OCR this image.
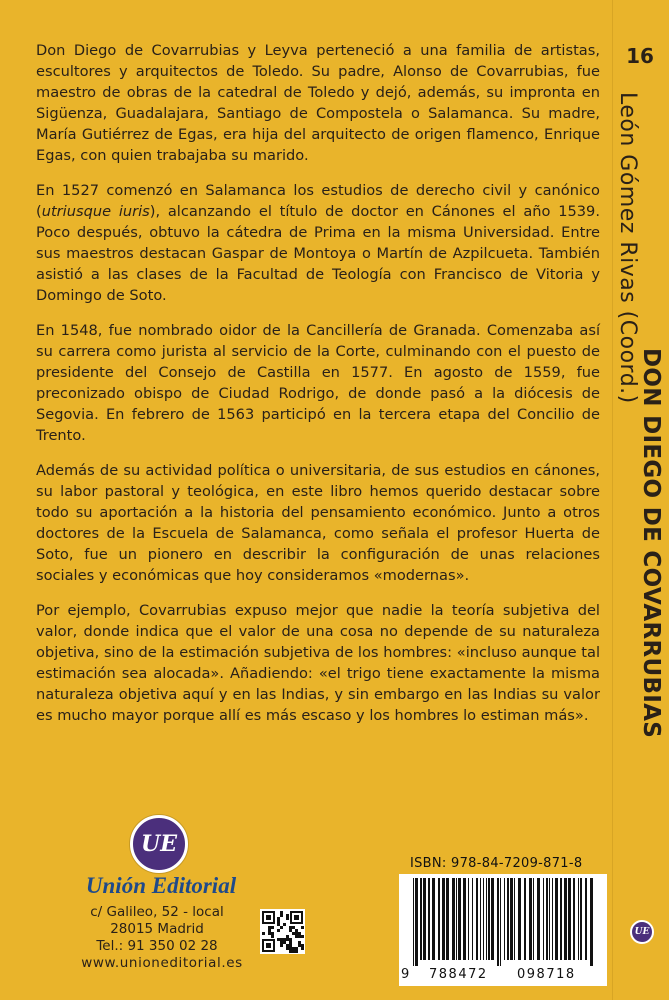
Don Diego de Covarrubias y Leyva perteneció a una familia de artistas, escultores y arquitectos de Toledo. Su padre, Alonso de Covarrubias, fue maestro de obras de la catedral de Toledo y dejó, además, su impronta en Sigüenza, Guadalajara, Santiago de Compostela o Salamanca. Su madre, María Gutiérrez de Egas, era hija del arquitecto de origen flamenco, Enrique Egas, con quien trabajaba su marido.

En 1527 comenzó en Salamanca los estudios de derecho civil y canónico (utriusque iuris), alcanzando el título de doctor en Cánones el año 1539. Poco después, obtuvo la cátedra de Prima en la misma Universidad. Entre sus maestros destacan Gaspar de Montoya o Martín de Azpilcueta. También asistió a las clases de la Facultad de Teología con Francisco de Vitoria y Domingo de Soto.

En 1548, fue nombrado oidor de la Cancillería de Granada. Comenzaba así su carrera como jurista al servicio de la Corte, culminando con el puesto de presidente del Consejo de Castilla en 1577. En agosto de 1559, fue preconizado obispo de Ciudad Rodrigo, de donde pasó a la diócesis de Segovia. En febrero de 1563 participó en la tercera etapa del Concilio de Trento.

Además de su actividad política o universitaria, de sus estudios en cánones, su labor pastoral y teológica, en este libro hemos querido destacar sobre todo su aportación a la historia del pensamiento económico. Junto a otros doctores de la Escuela de Salamanca, como señala el profesor Huerta de Soto, fue un pionero en describir la configuración de unas relaciones sociales y económicas que hoy consideramos «modernas».

Por ejemplo, Covarrubias expuso mejor que nadie la teoría subjetiva del valor, donde indica que el valor de una cosa no depende de su naturaleza objetiva, sino de la estimación subjetiva de los hombres: «incluso aunque tal estimación sea alocada». Añadiendo: «el trigo tiene exactamente la misma naturaleza objetiva aquí y en las Indias, y sin embargo en las Indias su valor es mucho mayor porque allí es más escaso y los hombres lo estiman más».

16
León Gómez Rivas (Coord.)
DON DIEGO DE COVARRUBIAS
UE
UE
Unión Editorial
c/ Galileo, 52 - local
28015 Madrid
Tel.: 91 350 02 28
www.unioneditorial.es
ISBN: 978-84-7209-871-8
9 788472 098718
